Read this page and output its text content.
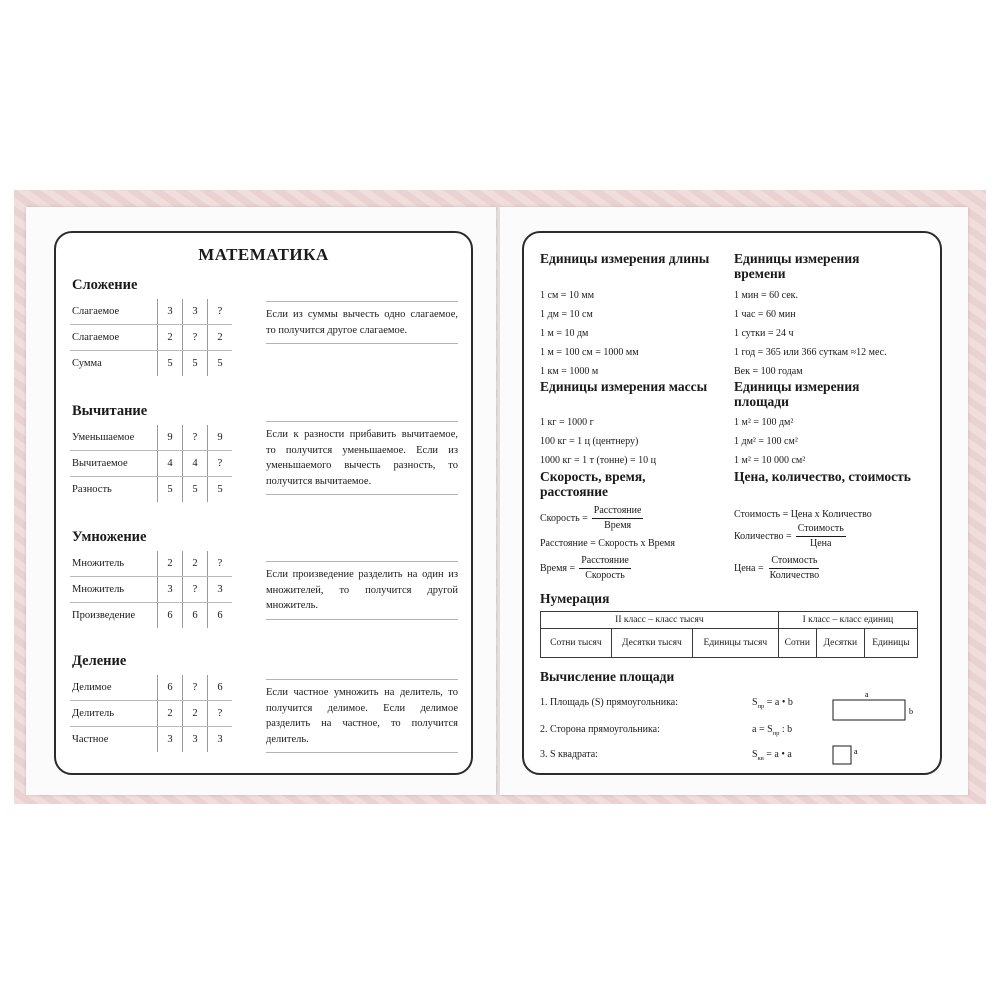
МАТЕМАТИКА
Сложение
Слагаемое	3	3	?
Слагаемое	2	?	2
Сумма	5	5	5
Если из суммы вычесть одно слагаемое, то получится другое слагаемое.
Вычитание
Уменьшаемое	9	?	9
Вычитаемое	4	4	?
Разность	5	5	5
Если к разности прибавить вычитаемое, то получится уменьшаемое. Если из уменьшаемого вычесть разность, то получится вычитаемое.
Умножение
Множитель	2	2	?
Множитель	3	?	3
Произведение	6	6	6
Если произведение разделить на один из множителей, то получится другой множитель.
Деление
Делимое	6	?	6
Делитель	2	2	?
Частное	3	3	3
Если частное умножить на делитель, то получится делимое. Если делимое разделить на частное, то получится делитель.
Единицы измерения длины
1 см = 10 мм
1 дм = 10 см
1 м = 10 дм
1 м = 100 см = 1000 мм
1 км = 1000 м
Единицы измерения времени
1 мин = 60 сек.
1 час = 60 мин
1 сутки = 24 ч
1 год = 365 или 366 суткам ≈12 мес.
Век = 100 годам
Единицы измерения массы
1 кг = 1000 г
100 кг = 1 ц (центнеру)
1000 кг = 1 т (тонне) = 10 ц
Единицы измерения площади
1 м² = 100 дм²
1 дм² = 100 см²
1 м² = 10 000 см²
Скорость, время, расстояние
Скорость = $\frac{\text{Расстояние}}{\text{Время}}$
Расстояние = Скорость х Время
Время = $\frac{\text{Расстояние}}{\text{Скорость}}$
Цена, количество, стоимость
Стоимость = Цена х Количество
Количество = $\frac{\text{Стоимость}}{\text{Цена}}$
Цена = $\frac{\text{Стоимость}}{\text{Количество}}$
Нумерация
II класс – класс тысяч			I класс – класс единиц		
Сотни тысяч	Десятки тысяч	Единицы тысяч	Сотни	Десятки	Единицы
Вычисление площади
1. Площадь (S) прямоугольника:	$S_{пр} = a$ • b
2. Сторона прямоугольника:	$a = S_{пр}$ : b
3. S квадрата:	$S_{кв} = a$ • a
a
b
a
